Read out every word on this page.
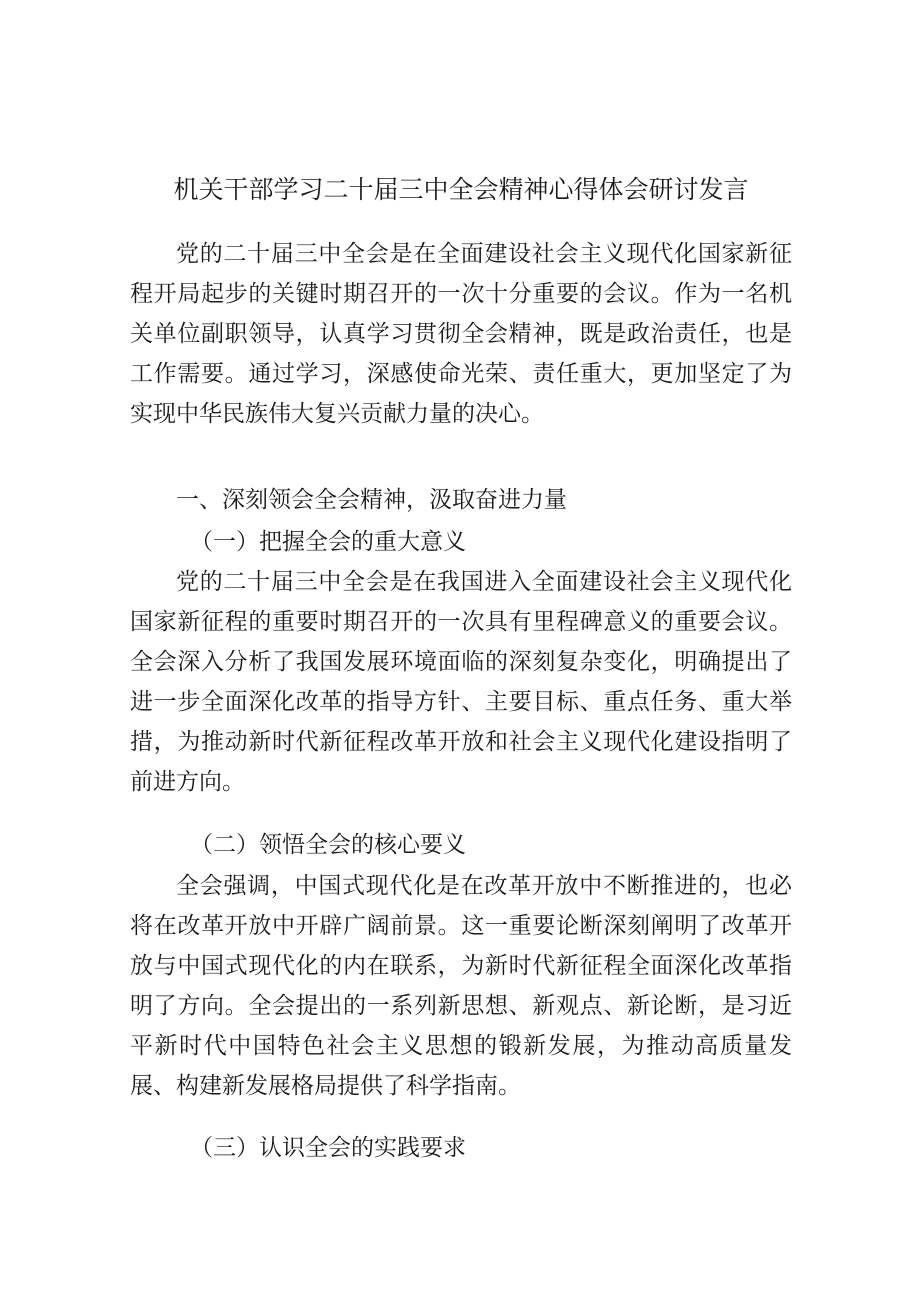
机关干部学习二十届三中全会精神心得体会研讨发言

党的二十届三中全会是在全面建设社会主义现代化国家新征程开局起步的关键时期召开的一次十分重要的会议。作为一名机关单位副职领导，认真学习贯彻全会精神，既是政治责任，也是工作需要。通过学习，深感使命光荣、责任重大，更加坚定了为实现中华民族伟大复兴贡献力量的决心。

一、深刻领会全会精神，汲取奋进力量
（一）把握全会的重大意义

党的二十届三中全会是在我国进入全面建设社会主义现代化国家新征程的重要时期召开的一次具有里程碑意义的重要会议。全会深入分析了我国发展环境面临的深刻复杂变化，明确提出了进一步全面深化改革的指导方针、主要目标、重点任务、重大举措，为推动新时代新征程改革开放和社会主义现代化建设指明了前进方向。

（二）领悟全会的核心要义

全会强调，中国式现代化是在改革开放中不断推进的，也必将在改革开放中开辟广阔前景。这一重要论断深刻阐明了改革开放与中国式现代化的内在联系，为新时代新征程全面深化改革指明了方向。全会提出的一系列新思想、新观点、新论断，是习近平新时代中国特色社会主义思想的锻新发展，为推动高质量发展、构建新发展格局提供了科学指南。

（三）认识全会的实践要求
